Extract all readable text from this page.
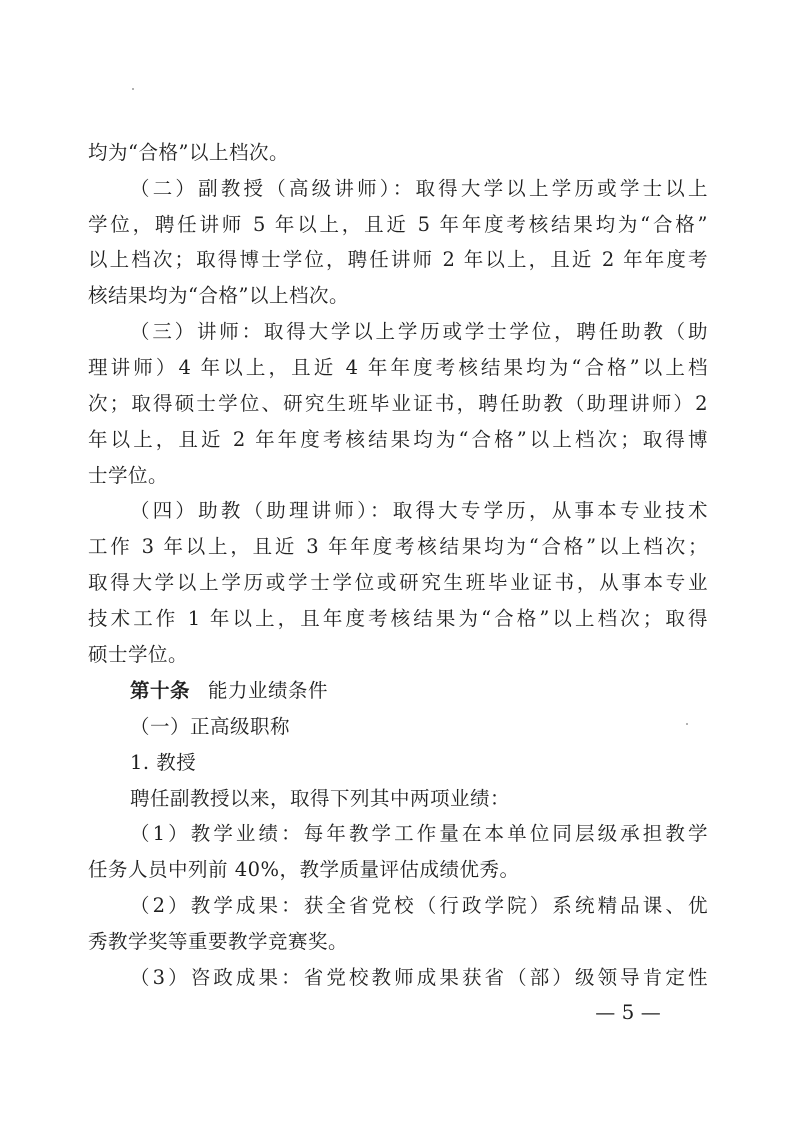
均为“合格”以上档次。
（二）副教授（高级讲师）：取得大学以上学历或学士以上
学位，聘任讲师 5 年以上，且近 5 年年度考核结果均为“合格”
以上档次；取得博士学位，聘任讲师 2 年以上，且近 2 年年度考
核结果均为“合格”以上档次。
（三）讲师：取得大学以上学历或学士学位，聘任助教（助
理讲师）4 年以上，且近 4 年年度考核结果均为“合格”以上档
次；取得硕士学位、研究生班毕业证书，聘任助教（助理讲师）2
年以上，且近 2 年年度考核结果均为“合格”以上档次；取得博
士学位。
（四）助教（助理讲师）：取得大专学历，从事本专业技术
工作 3 年以上，且近 3 年年度考核结果均为“合格”以上档次；
取得大学以上学历或学士学位或研究生班毕业证书，从事本专业
技术工作 1 年以上，且年度考核结果为“合格”以上档次；取得
硕士学位。
第十条 能力业绩条件
（一）正高级职称
1. 教授
聘任副教授以来，取得下列其中两项业绩：
（1）教学业绩：每年教学工作量在本单位同层级承担教学
任务人员中列前 40%，教学质量评估成绩优秀。
（2）教学成果：获全省党校（行政学院）系统精品课、优
秀教学奖等重要教学竞赛奖。
（3）咨政成果：省党校教师成果获省（部）级领导肯定性
— 5 —
